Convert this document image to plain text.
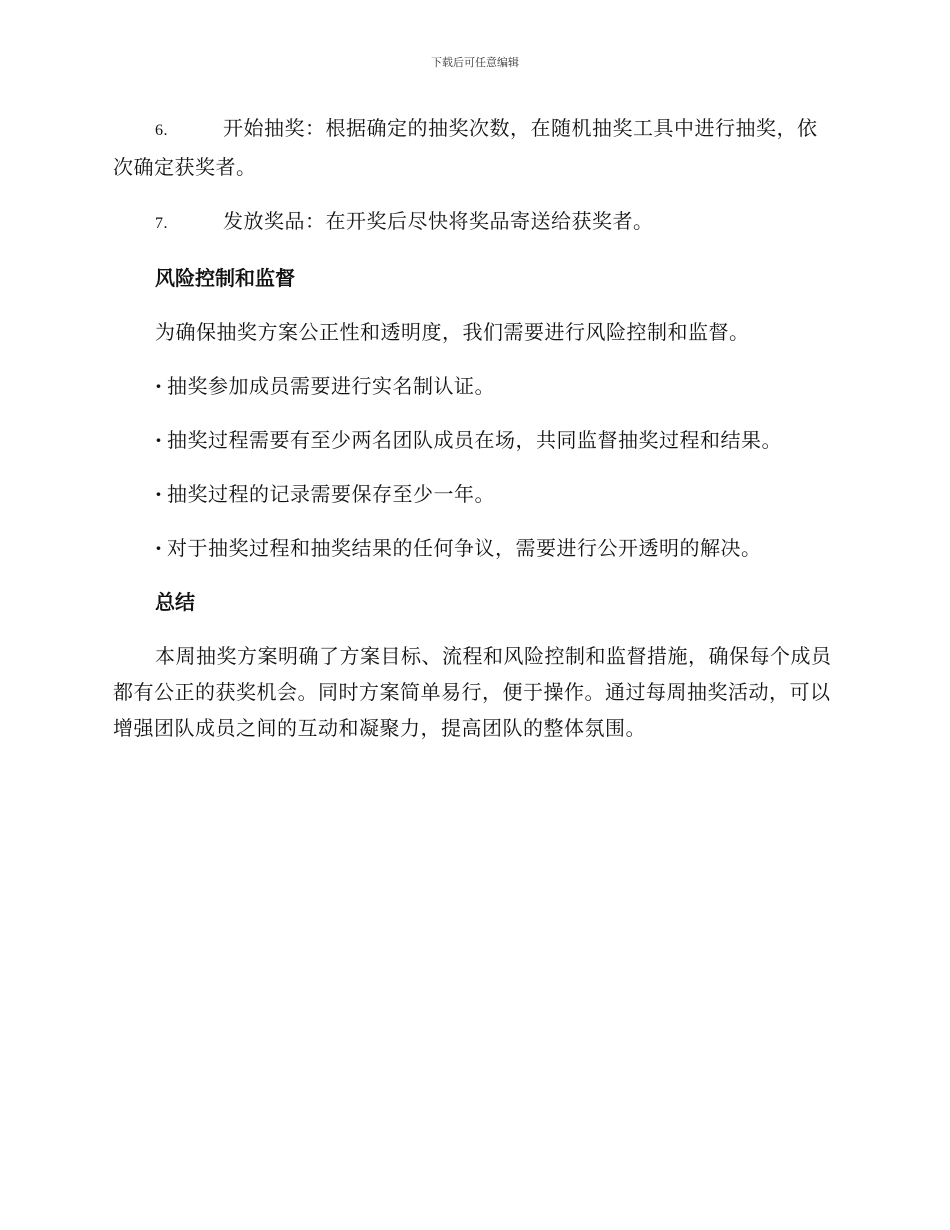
下载后可任意编辑

6.	开始抽奖：根据确定的抽奖次数，在随机抽奖工具中进行抽奖，依次确定获奖者。

7.	发放奖品：在开奖后尽快将奖品寄送给获奖者。

风险控制和监督

为确保抽奖方案公正性和透明度，我们需要进行风险控制和监督。

· 抽奖参加成员需要进行实名制认证。

· 抽奖过程需要有至少两名团队成员在场，共同监督抽奖过程和结果。

· 抽奖过程的记录需要保存至少一年。

· 对于抽奖过程和抽奖结果的任何争议，需要进行公开透明的解决。

总结

本周抽奖方案明确了方案目标、流程和风险控制和监督措施，确保每个成员都有公正的获奖机会。同时方案简单易行，便于操作。通过每周抽奖活动，可以增强团队成员之间的互动和凝聚力，提高团队的整体氛围。
